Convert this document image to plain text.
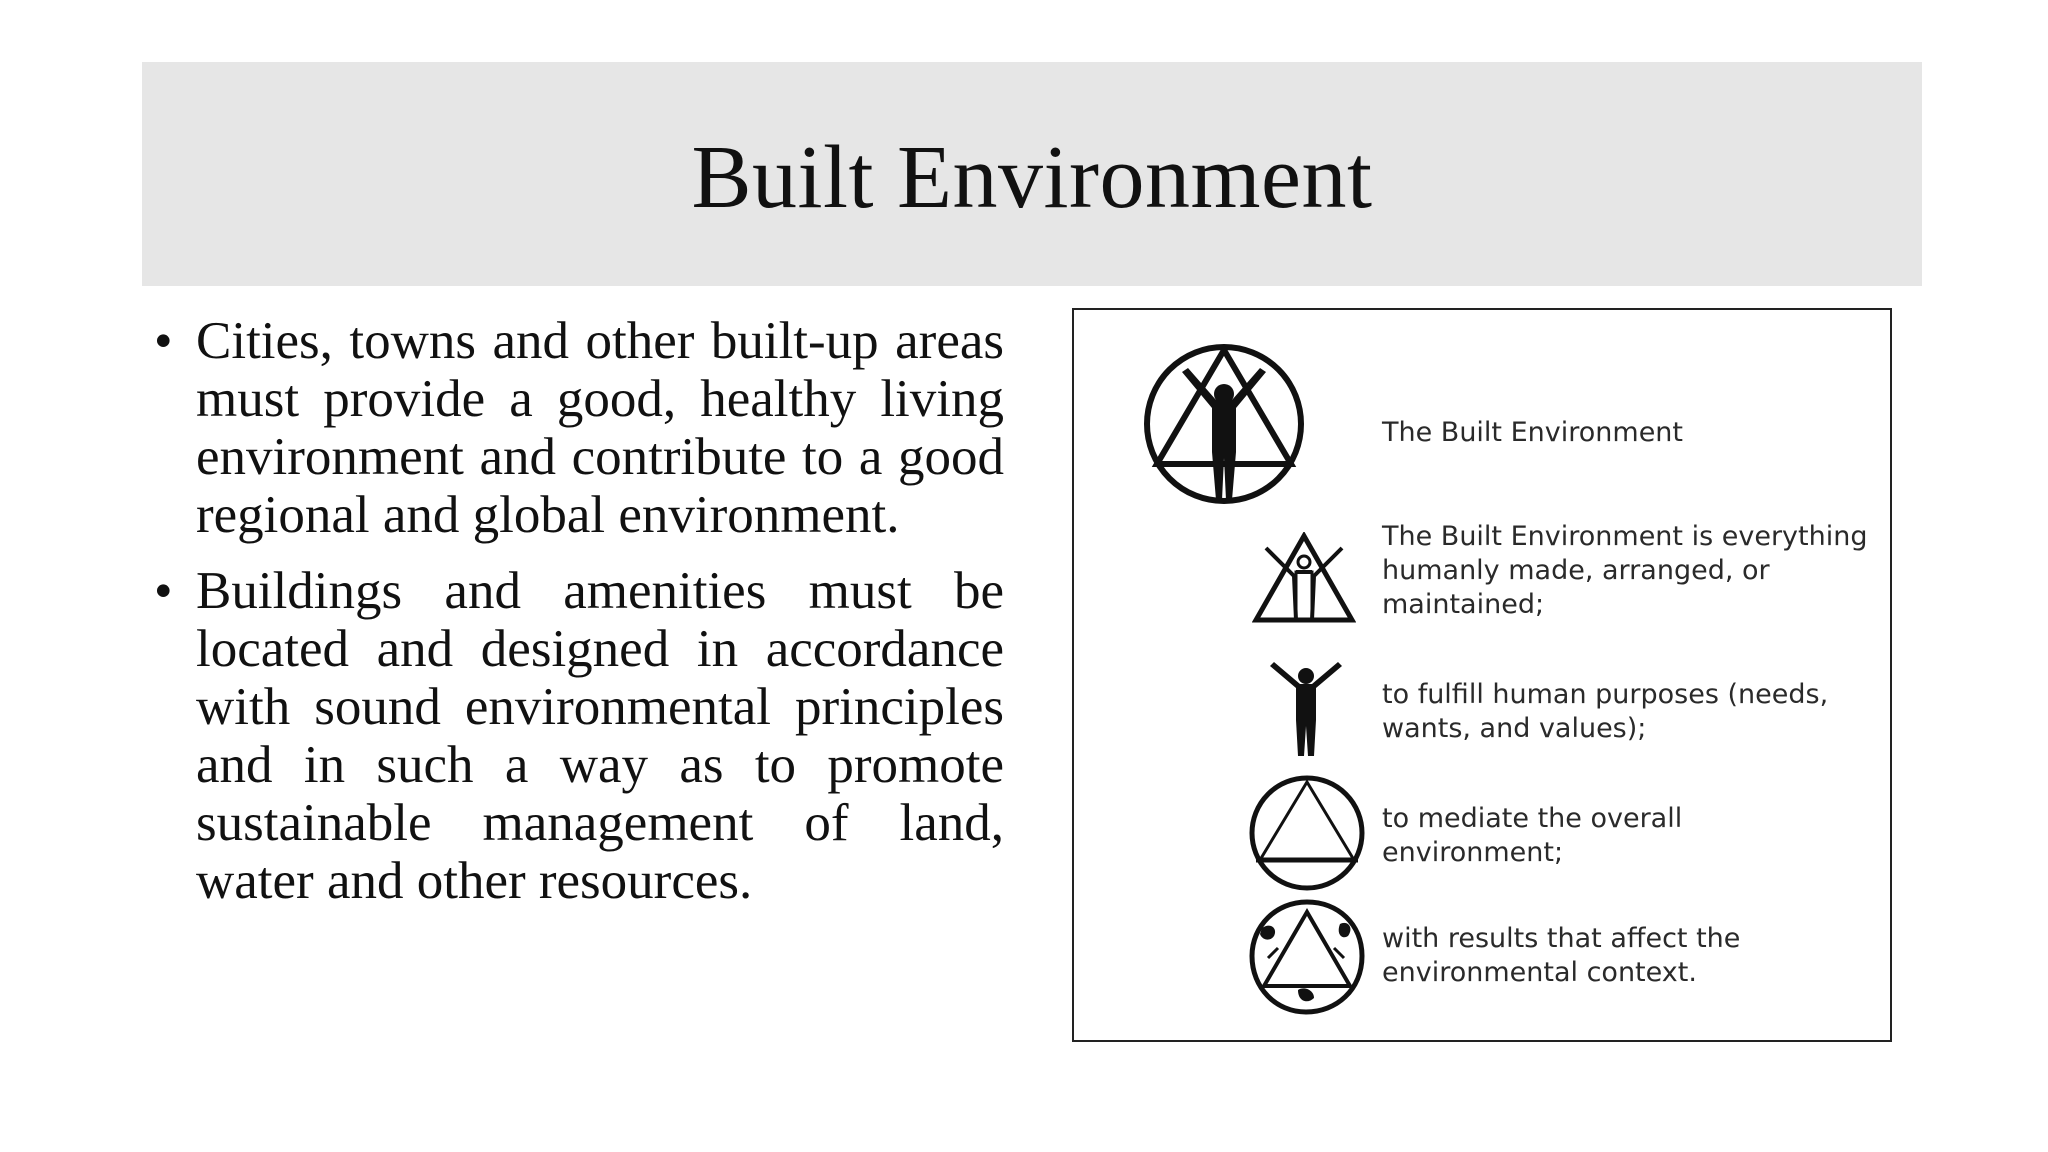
Built Environment
• Cities, towns and other built-up areas must provide a good, healthy living environment and contribute to a good regional and global environment.
• Buildings and amenities must be located and designed in accordance with sound environmental principles and in such a way as to promote sustainable management of land, water and other resources.
The Built Environment
The Built Environment is everything
humanly made, arranged, or
maintained;
to fulfill human purposes (needs,
wants, and values);
to mediate the overall
environment;
with results that affect the
environmental context.
